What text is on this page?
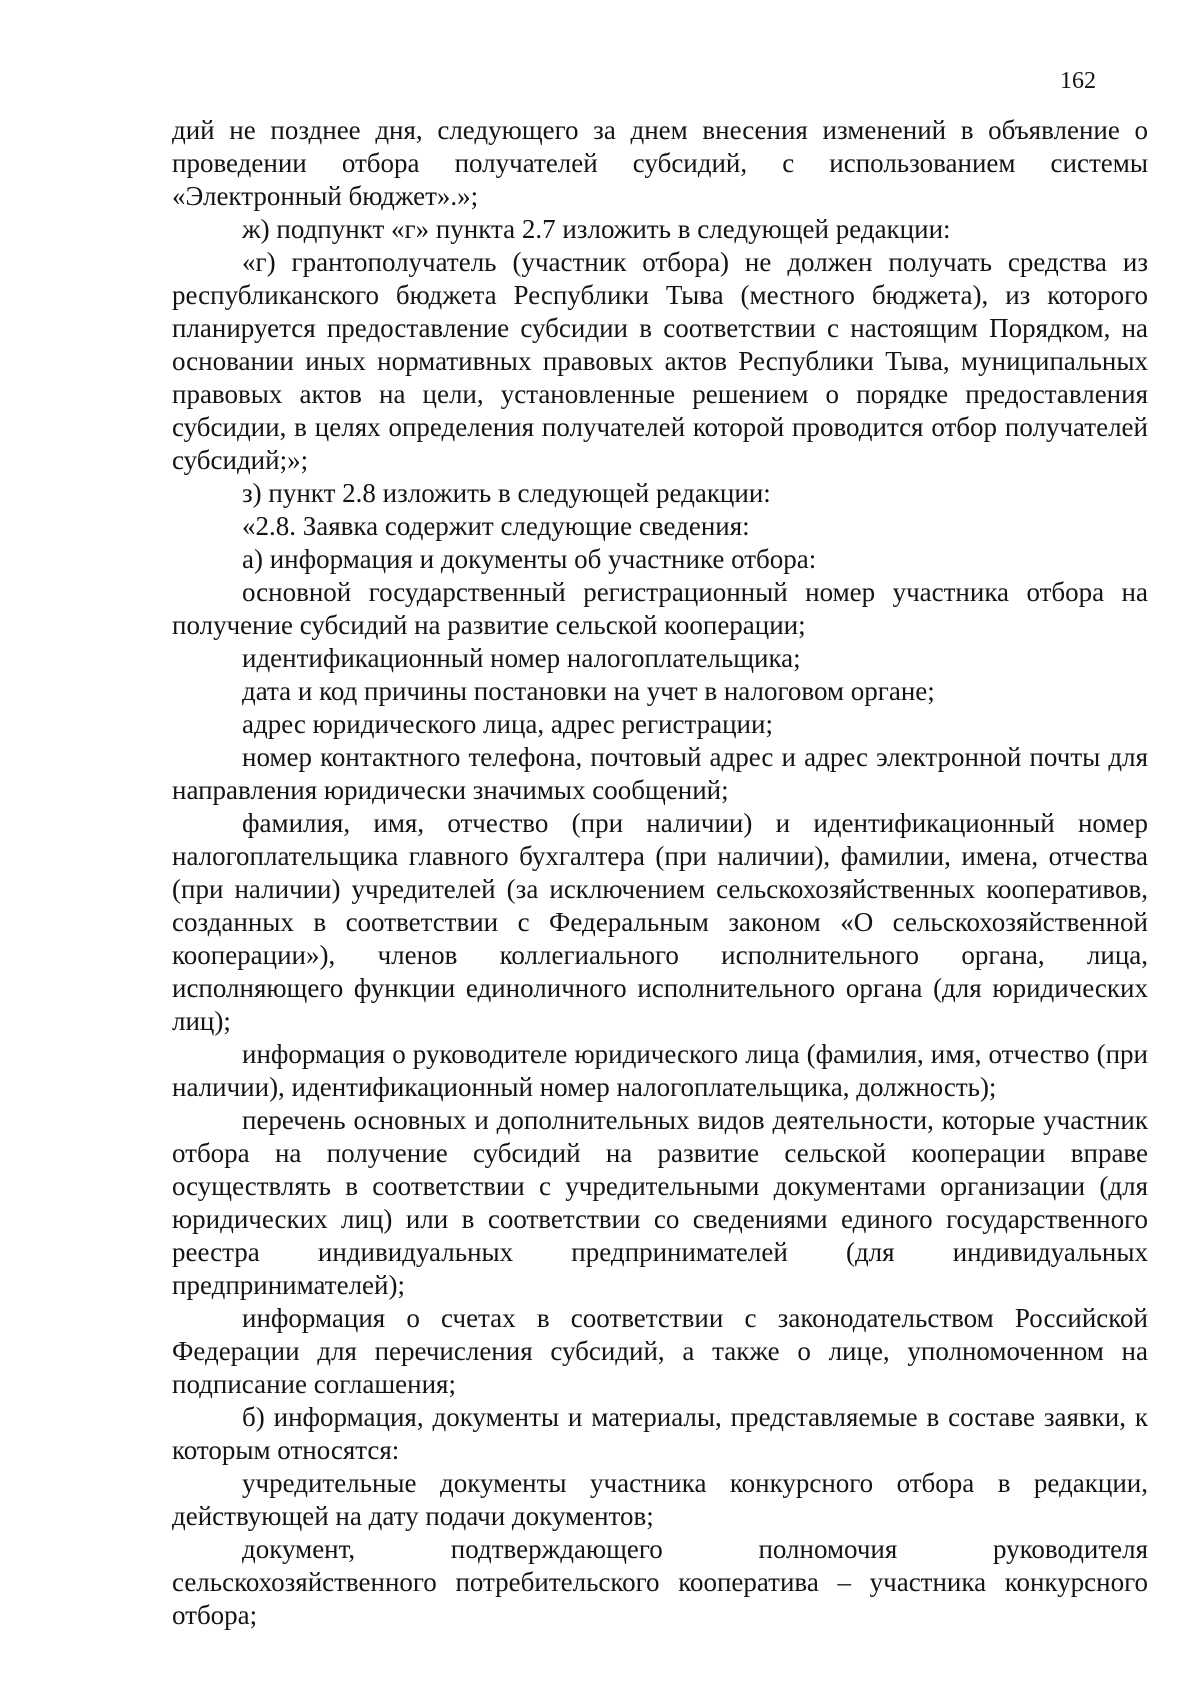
162

дий не позднее дня, следующего за днем внесения изменений в объявление о проведении отбора получателей субсидий, с использованием системы «Электронный бюджет».»;

ж) подпункт «г» пункта 2.7 изложить в следующей редакции:

«г) грантополучатель (участник отбора) не должен получать средства из республиканского бюджета Республики Тыва (местного бюджета), из которого планируется предоставление субсидии в соответствии с настоящим Порядком, на основании иных нормативных правовых актов Республики Тыва, муниципальных правовых актов на цели, установленные решением о порядке предоставления субсидии, в целях определения получателей которой проводится отбор получателей субсидий;»;

з) пункт 2.8 изложить в следующей редакции:

«2.8. Заявка содержит следующие сведения:

а) информация и документы об участнике отбора:

основной государственный регистрационный номер участника отбора на получение субсидий на развитие сельской кооперации;

идентификационный номер налогоплательщика;

дата и код причины постановки на учет в налоговом органе;

адрес юридического лица, адрес регистрации;

номер контактного телефона, почтовый адрес и адрес электронной почты для направления юридически значимых сообщений;

фамилия, имя, отчество (при наличии) и идентификационный номер налогоплательщика главного бухгалтера (при наличии), фамилии, имена, отчества (при наличии) учредителей (за исключением сельскохозяйственных кооперативов, созданных в соответствии с Федеральным законом «О сельскохозяйственной кооперации»), членов коллегиального исполнительного органа, лица, исполняющего функции единоличного исполнительного органа (для юридических лиц);

информация о руководителе юридического лица (фамилия, имя, отчество (при наличии), идентификационный номер налогоплательщика, должность);

перечень основных и дополнительных видов деятельности, которые участник отбора на получение субсидий на развитие сельской кооперации вправе осуществлять в соответствии с учредительными документами организации (для юридических лиц) или в соответствии со сведениями единого государственного реестра индивидуальных предпринимателей (для индивидуальных предпринимателей);

информация о счетах в соответствии с законодательством Российской Федерации для перечисления субсидий, а также о лице, уполномоченном на подписание соглашения;

б) информация, документы и материалы, представляемые в составе заявки, к которым относятся:

учредительные документы участника конкурсного отбора в редакции, действующей на дату подачи документов;

документ, подтверждающего полномочия руководителя сельскохозяйственного потребительского кооператива – участника конкурсного отбора;
